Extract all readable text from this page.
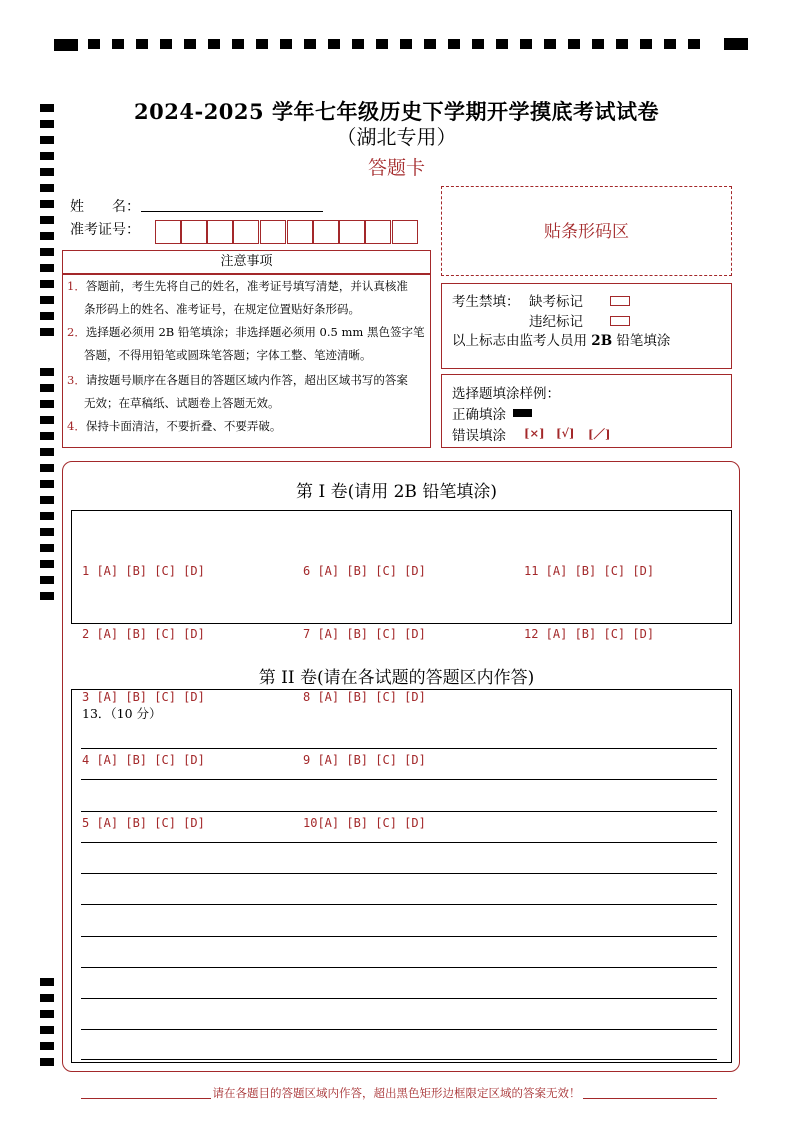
2024-2025 学年七年级历史下学期开学摸底考试试卷
（湖北专用）
答题卡
姓　　名：
准考证号：	贴条形码区
注意事项
1．答题前，考生先将自己的姓名，准考证号填写清楚，并认真核准
条形码上的姓名、准考证号，在规定位置贴好条形码。
2．选择题必须用 2B 铅笔填涂；非选择题必须用 0.5 mm 黑色签字笔
答题，不得用铅笔或圆珠笔答题；字体工整、笔迹清晰。
3．请按题号顺序在各题目的答题区域内作答，超出区域书写的答案
无效；在草稿纸、试题卷上答题无效。
4．保持卡面清洁，不要折叠、不要弄破。
考生禁填： 缺考标记
违纪标记
以上标志由监考人员用 2B 铅笔填涂
选择题填涂样例：
正确填涂
错误填涂 [×] [√] [／]
第 I 卷(请用 2B 铅笔填涂)

1 [A] [B] [C] [D]

2 [A] [B] [C] [D]

3 [A] [B] [C] [D]

4 [A] [B] [C] [D]

5 [A] [B] [C] [D]

6 [A] [B] [C] [D]

7 [A] [B] [C] [D]

8 [A] [B] [C] [D]

9 [A] [B] [C] [D]

10[A] [B] [C] [D]

11 [A] [B] [C] [D]

12 [A] [B] [C] [D]

第 II 卷(请在各试题的答题区内作答)
13．（10 分）
请在各题目的答题区域内作答，超出黑色矩形边框限定区域的答案无效！
